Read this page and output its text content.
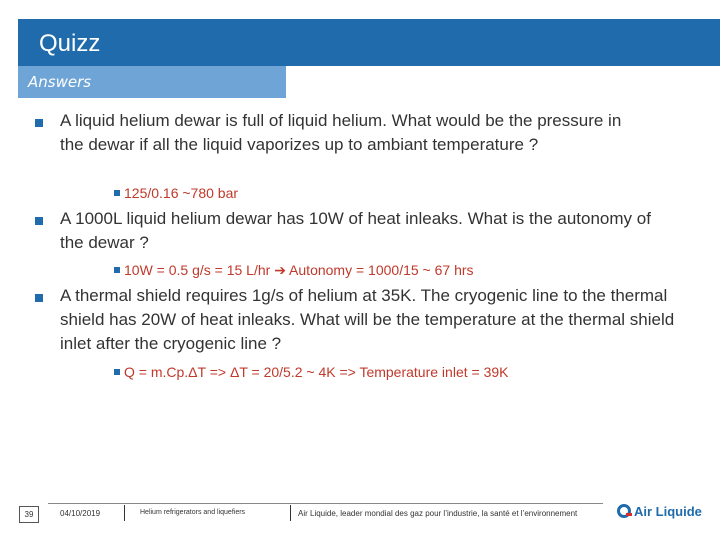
Quizz
Answers
A liquid helium dewar is full of liquid helium. What would be the pressure in the dewar if all the liquid vaporizes up to ambiant temperature ?
125/0.16 ~780 bar
A 1000L liquid helium dewar has 10W of heat inleaks. What is the autonomy of the dewar ?
10W = 0.5 g/s = 15 L/hr ➔ Autonomy = 1000/15 ~ 67 hrs
A thermal shield requires 1g/s of helium at 35K. The cryogenic line to the thermal shield has 20W of heat inleaks. What will be the temperature at the thermal shield inlet after the cryogenic line ?
Q = m.Cp.ΔT => ΔT = 20/5.2 ~ 4K => Temperature inlet = 39K
39	04/10/2019	Helium refrigerators and liquefiers	Air Liquide, leader mondial des gaz pour l’industrie, la santé et l’environnement	Air Liquide
